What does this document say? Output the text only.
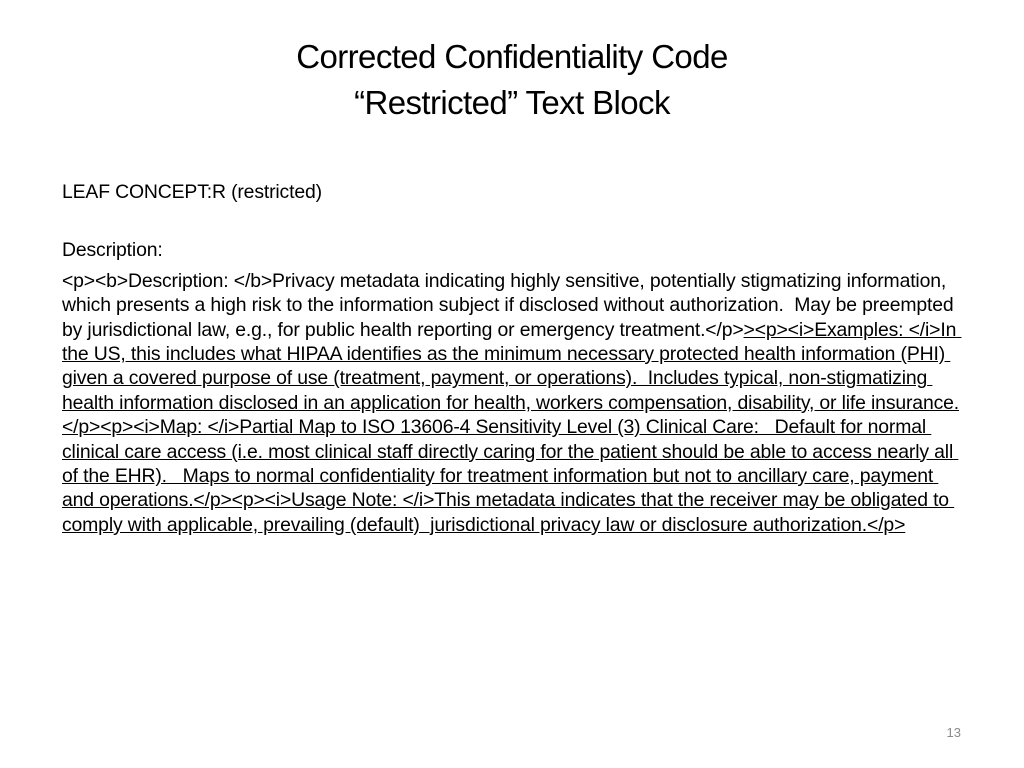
Corrected Confidentiality Code
“Restricted” Text Block

LEAF CONCEPT:R (restricted)

Description:

<p><b>Description: </b>Privacy metadata indicating highly sensitive, potentially stigmatizing information, which presents a high risk to the information subject if disclosed without authorization.  May be preempted by jurisdictional law, e.g., for public health reporting or emergency treatment.</p>><p><i>Examples: </i>In the US, this includes what HIPAA identifies as the minimum necessary protected health information (PHI) given a covered purpose of use (treatment, payment, or operations).  Includes typical, non-stigmatizing health information disclosed in an application for health, workers compensation, disability, or life insurance.</p><p><i>Map: </i>Partial Map to ISO 13606-4 Sensitivity Level (3) Clinical Care:   Default for normal clinical care access (i.e. most clinical staff directly caring for the patient should be able to access nearly all of the EHR).   Maps to normal confidentiality for treatment information but not to ancillary care, payment and operations.</p><p><i>Usage Note: </i>This metadata indicates that the receiver may be obligated to comply with applicable, prevailing (default)  jurisdictional privacy law or disclosure authorization.</p>

13
